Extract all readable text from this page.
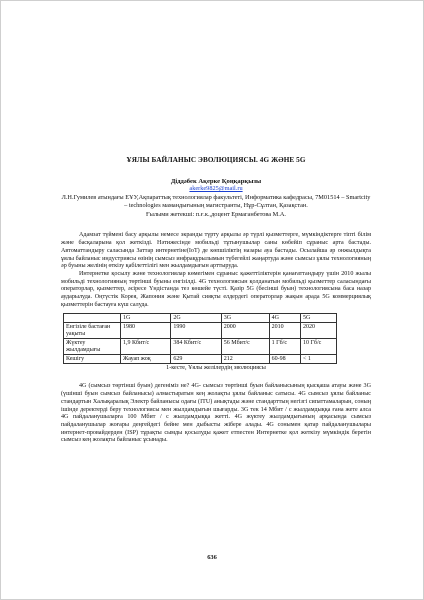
ҰЯЛЫ БАЙЛАНЫС ЭВОЛЮЦИЯСЫ. 4G ЖӘНЕ 5G

Діддәбек Ақерке Қоңқарқызы

akerke9825@mail.ru

Л.Н.Гумилев атындағы ЕҰУ,Ақпараттық технологиялар факультеті, Информатика кафедрасы, 7М01514 – Smartcity – technologies мамандығының магистранты, Нұр-Сұлтан, Қазақстан.

Ғылыми жетекші: п.ғ.к.,доцент Ермаганбетова М.А.

Адамзат түймені басу арқылы немесе экранды түрту арқылы әр түрлі қызметтерге, мүмкіндіктерге тіпті білім және басқаларына қол жеткізді. Нәтижесінде мобильді тұтынушылар саны көбейіп сұраныс арта бастады. Автоматтандыру саласында Заттар интернетіне(IoT) де көпшіліктің назары ауа бастады. Осылайша әр онжылдықта ұялы байланыс индустриясы өзінің сымсыз инфрақұрылымын түбегейлі жаңартуда және сымсыз ұялы технологияның әр буыны желінің өткізу қабілеттілігі мен жылдамдығын арттыруда.

Интернетке қосылу және технологиялар көмегімен сұраныс қажеттіліктерін қанағаттандыру үшін 2010 жылы мобильді технологияның төртінші буыны енгізілді. 4G технологиясын қолданатын мобильді қызметтер саласындағы операторлар, қызметтер, әсіресе Үндістанда тез көшейе түсті. Қазір 5G (бесінші буын) технологиясына баса назар аударылуда. Оңтүстік Корея, Жапония және Қытай сияқты елдердегі операторлар жақын арада 5G коммерциялық қызметтерін бастауға күш салуда.

	1G	2G	3G	4G	5G
Енгізіле бастаған уақыты	1980	1990	2000	2010	2020
Жүктеу жылдамдығы	1,9 Кбит/с	384 Кбит/с	56 Мбит/с	1 Гб/с	10 Гб/с
Кешігу	Жауап жоқ	629	212	60-98	< 1

1-кесте, Ұялы желілердің эволюциясы

4G (сымсыз төртінші буын) дегеніміз не? 4G- сымсыз төртінші буын байланысының қысқаша атауы және 3G (үшінші буын сымсыз байланысы) алмастыратын кең жолақты ұялы байланыс сатысы. 4G сымсыз ұялы байланыс стандартын Халықаралық Электр байланысы одағы (ITU) анықтады және стандарттың негізгі сипаттамаларын, соның ішінде деректерді беру технологиясы мен жылдамдығын шығарды. 3G тек 14 Мбит / с жылдамдыққа ғана жете алса 4G пайдаланушыларға 100 Мбит / с жылдамдыққа жетті. 4G жүктеу жылдамдығының арқасында сымсыз пайдаланушылар жоғары деңгейдегі бейне мен дыбысты жібере алады. 4G сонымен қатар пайдаланушылары интернет-провайдерден (ISP) тұрақты сымды қосылуды қажет етпестен Интернетке қол жеткізу мүмкіндік беретін сымсыз кең жолақты байланыс ұсынады.

636
